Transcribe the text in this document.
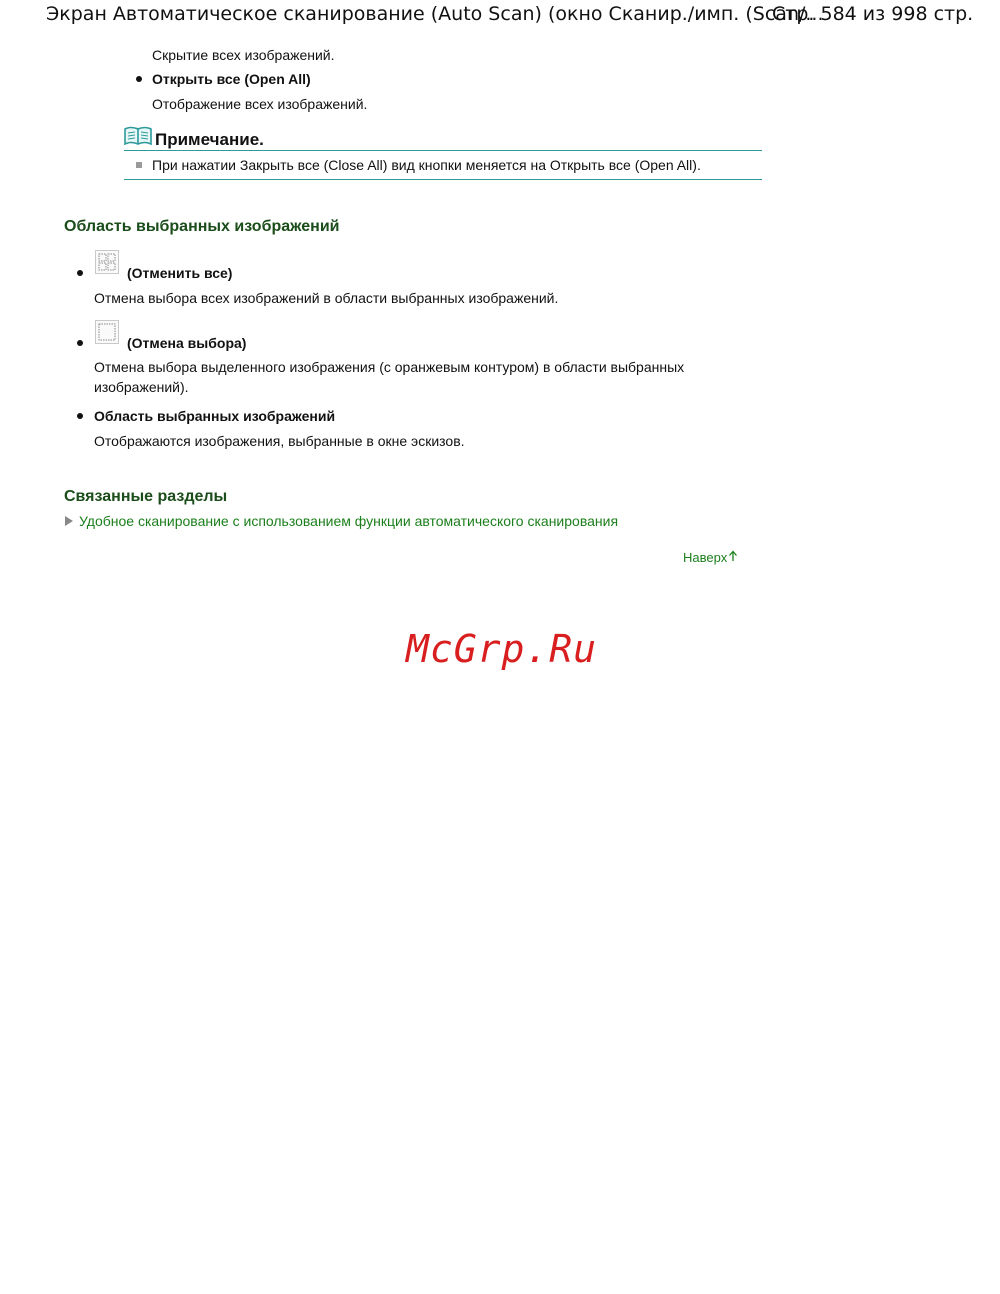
Экран Автоматическое сканирование (Auto Scan) (окно Сканир./имп. (Scan/...
Стр. 584 из 998 стр.
Скрытие всех изображений.
Открыть все (Open All)
Отображение всех изображений.
Примечание.
При нажатии Закрыть все (Close All) вид кнопки меняется на Открыть все (Open All).
Область выбранных изображений
(Отменить все)
Отмена выбора всех изображений в области выбранных изображений.
(Отмена выбора)
Отмена выбора выделенного изображения (с оранжевым контуром) в области выбранных
изображений).
Область выбранных изображений
Отображаются изображения, выбранные в окне эскизов.
Связанные разделы
Удобное сканирование с использованием функции автоматического сканирования
Наверх
McGrp.Ru
